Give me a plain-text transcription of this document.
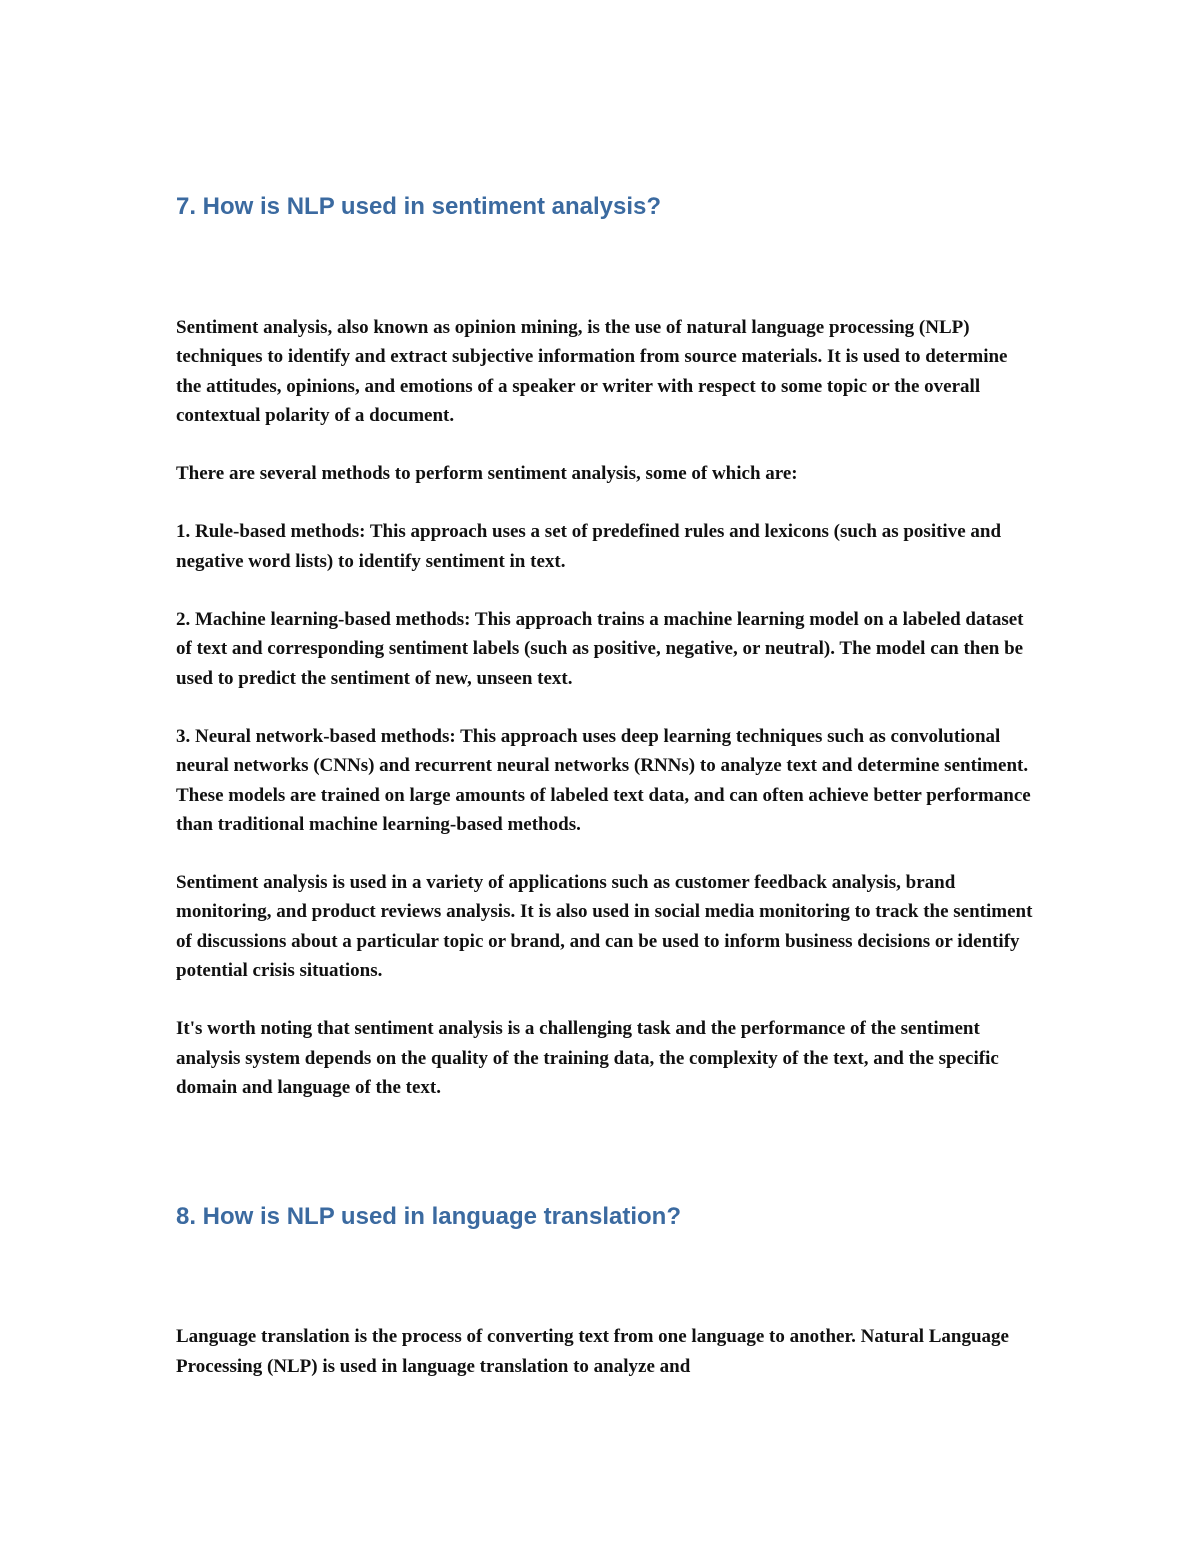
7. How is NLP used in sentiment analysis?

Sentiment analysis, also known as opinion mining, is the use of natural language processing (NLP) techniques to identify and extract subjective information from source materials. It is used to determine the attitudes, opinions, and emotions of a speaker or writer with respect to some topic or the overall contextual polarity of a document.

There are several methods to perform sentiment analysis, some of which are:

1. Rule-based methods: This approach uses a set of predefined rules and lexicons (such as positive and negative word lists) to identify sentiment in text.

2. Machine learning-based methods: This approach trains a machine learning model on a labeled dataset of text and corresponding sentiment labels (such as positive, negative, or neutral). The model can then be used to predict the sentiment of new, unseen text.

3. Neural network-based methods: This approach uses deep learning techniques such as convolutional neural networks (CNNs) and recurrent neural networks (RNNs) to analyze text and determine sentiment. These models are trained on large amounts of labeled text data, and can often achieve better performance than traditional machine learning-based methods.

Sentiment analysis is used in a variety of applications such as customer feedback analysis, brand monitoring, and product reviews analysis. It is also used in social media monitoring to track the sentiment of discussions about a particular topic or brand, and can be used to inform business decisions or identify potential crisis situations.

It's worth noting that sentiment analysis is a challenging task and the performance of the sentiment analysis system depends on the quality of the training data, the complexity of the text, and the specific domain and language of the text.

8. How is NLP used in language translation?

Language translation is the process of converting text from one language to another. Natural Language Processing (NLP) is used in language translation to analyze and
